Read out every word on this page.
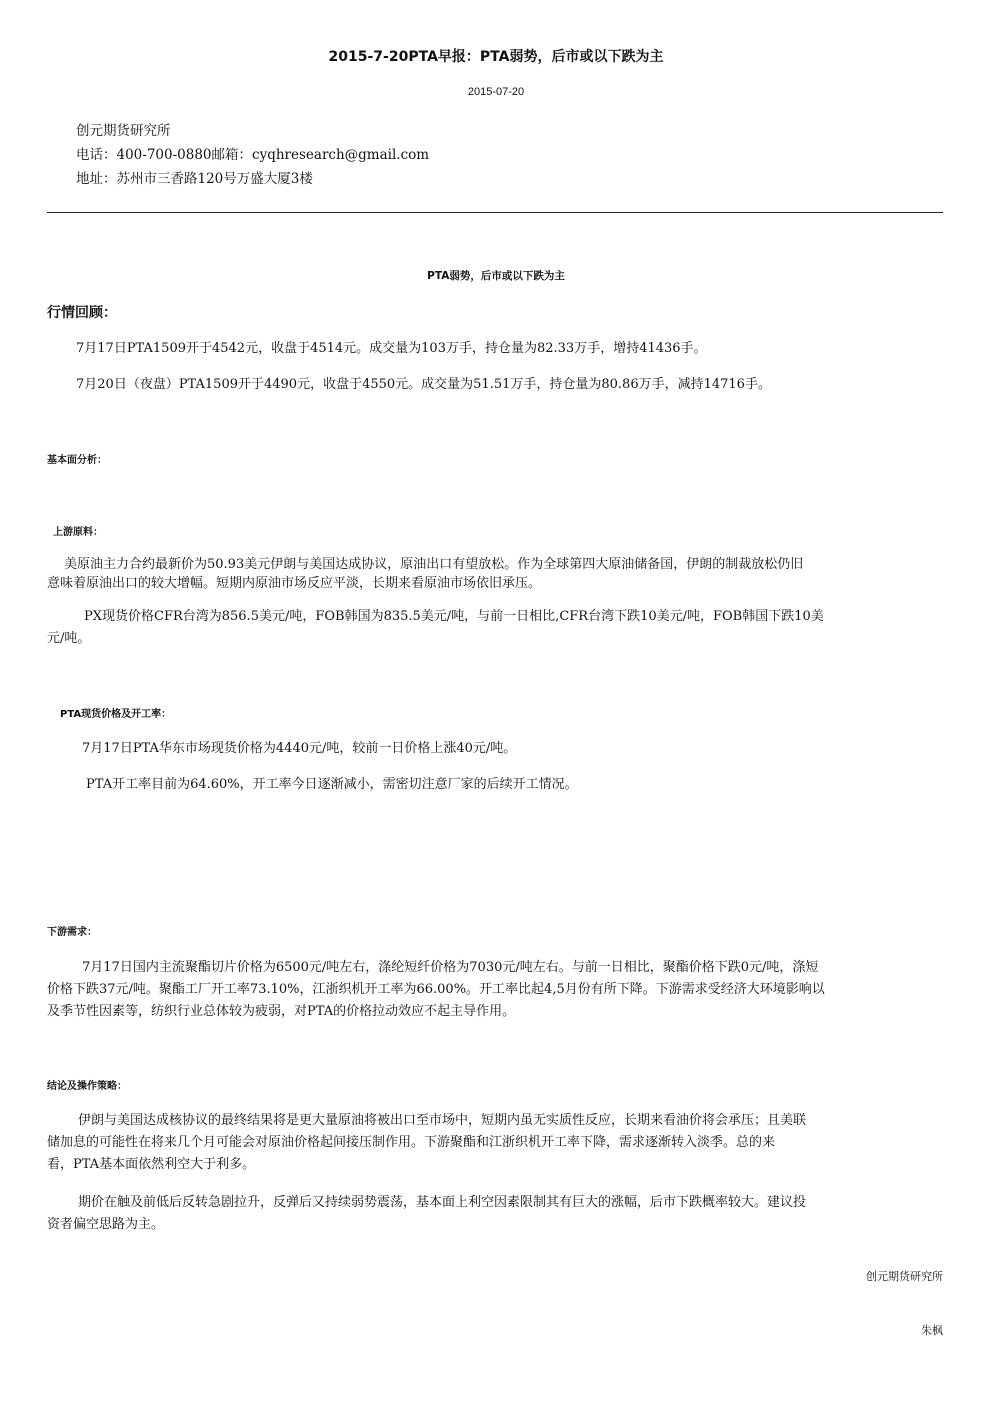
2015-7-20PTA早报：PTA弱势，后市或以下跌为主
2015-07-20
创元期货研究所
电话：400-700-0880邮箱：cyqhresearch@gmail.com
地址：苏州市三香路120号万盛大厦3楼
PTA弱势，后市或以下跌为主
行情回顾：
7月17日PTA1509开于4542元，收盘于4514元。成交量为103万手，持仓量为82.33万手，增持41436手。
7月20日（夜盘）PTA1509开于4490元，收盘于4550元。成交量为51.51万手，持仓量为80.86万手，减持14716手。
基本面分析：
上游原料：
美原油主力合约最新价为50.93美元伊朗与美国达成协议，原油出口有望放松。作为全球第四大原油储备国，伊朗的制裁放松仍旧
意味着原油出口的较大增幅。短期内原油市场反应平淡，长期来看原油市场依旧承压。
PX现货价格CFR台湾为856.5美元/吨，FOB韩国为835.5美元/吨，与前一日相比,CFR台湾下跌10美元/吨，FOB韩国下跌10美
元/吨。
PTA现货价格及开工率：
7月17日PTA华东市场现货价格为4440元/吨，较前一日价格上涨40元/吨。
PTA开工率目前为64.60%，开工率今日逐渐减小，需密切注意厂家的后续开工情况。
下游需求：
7月17日国内主流聚酯切片价格为6500元/吨左右，涤纶短纤价格为7030元/吨左右。与前一日相比，聚酯价格下跌0元/吨，涤短
价格下跌37元/吨。聚酯工厂开工率73.10%，江浙织机开工率为66.00%。开工率比起4,5月份有所下降。下游需求受经济大环境影响以
及季节性因素等，纺织行业总体较为疲弱，对PTA的价格拉动效应不起主导作用。
结论及操作策略：
伊朗与美国达成核协议的最终结果将是更大量原油将被出口至市场中，短期内虽无实质性反应，长期来看油价将会承压；且美联
储加息的可能性在将来几个月可能会对原油价格起间接压制作用。下游聚酯和江浙织机开工率下降，需求逐渐转入淡季。总的来
看，PTA基本面依然利空大于利多。
期价在触及前低后反转急剧拉升，反弹后又持续弱势震荡，基本面上利空因素限制其有巨大的涨幅，后市下跌概率较大。建议投
资者偏空思路为主。
创元期货研究所
朱枫
